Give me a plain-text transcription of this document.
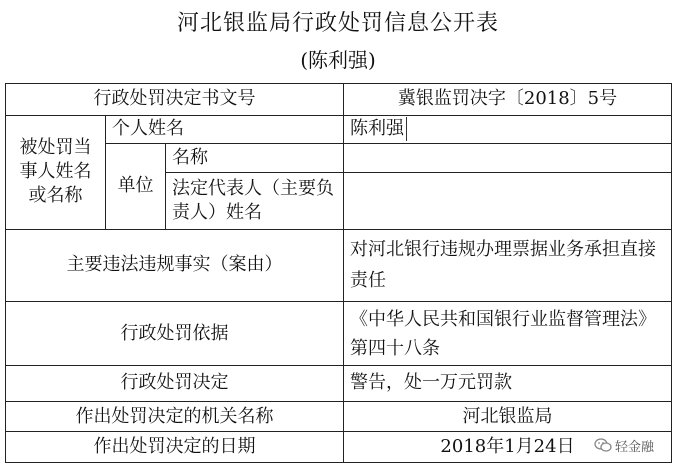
河北银监局行政处罚信息公开表
(陈利强)
行政处罚决定书文号			冀银监罚决字〔2018〕5号
被处罚当事人姓名或名称	个人姓名		陈利强
	单位	名称	
		法定代表人（主要负责人）姓名	
主要违法违规事实（案由）			对河北银行违规办理票据业务承担直接责任
行政处罚依据			《中华人民共和国银行业监督管理法》第四十八条
行政处罚决定			警告，处一万元罚款
作出处罚决定的机关名称			河北银监局
作出处罚决定的日期			2018年1月24日	轻金融
